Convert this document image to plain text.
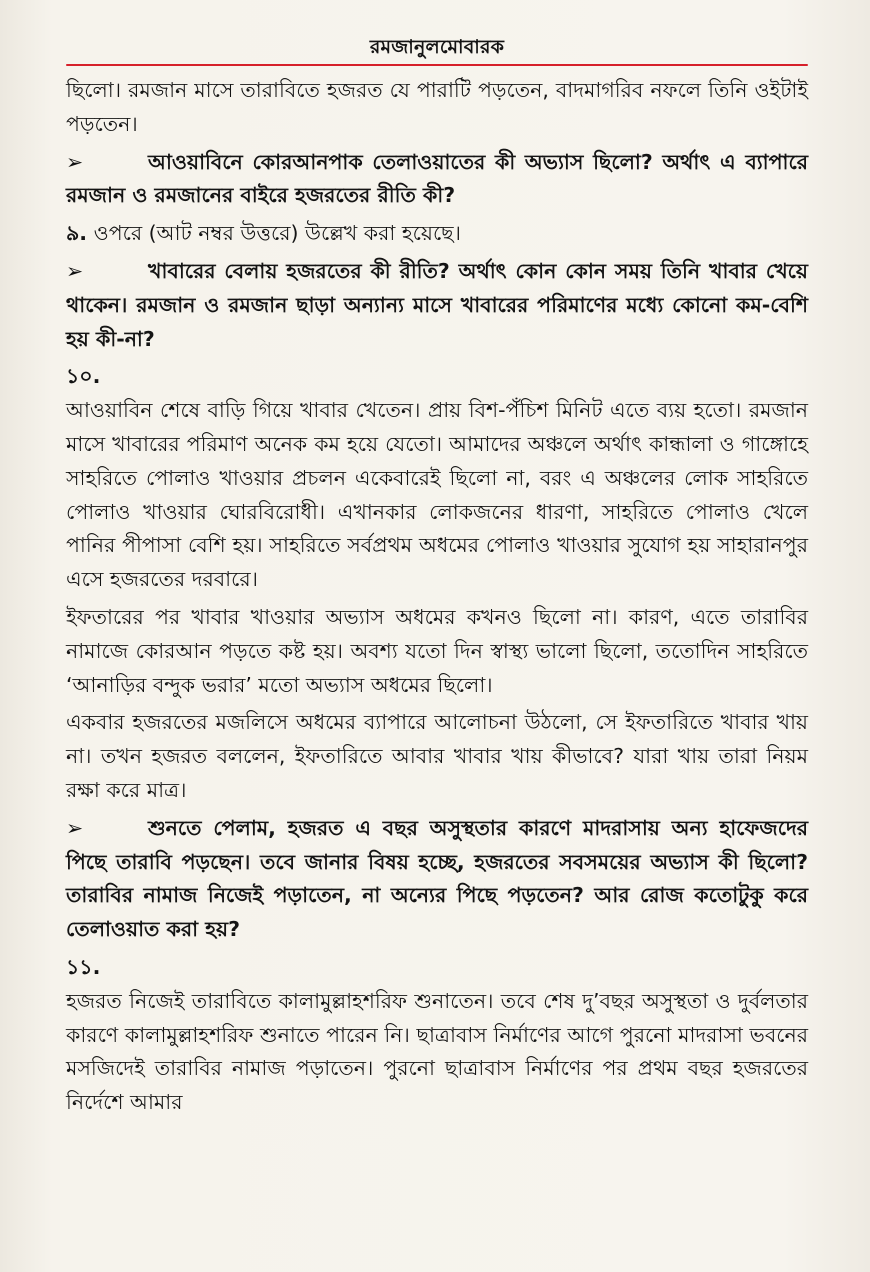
রমজানুলমোবারক

ছিলো। রমজান মাসে তারাবিতে হজরত যে পারাটি পড়তেন, বাদমাগরিব নফলে তিনি ওইটাই পড়তেন।

➢	আওয়াবিনে কোরআনপাক তেলাওয়াতের কী অভ্যাস ছিলো? অর্থাৎ এ ব্যাপারে রমজান ও রমজানের বাইরে হজরতের রীতি কী?

৯. ওপরে (আট নম্বর উত্তরে) উল্লেখ করা হয়েছে।

➢	খাবারের বেলায় হজরতের কী রীতি? অর্থাৎ কোন কোন সময় তিনি খাবার খেয়ে থাকেন। রমজান ও রমজান ছাড়া অন্যান্য মাসে খাবারের পরিমাণের মধ্যে কোনো কম-বেশি হয় কী-না?

১০.

আওয়াবিন শেষে বাড়ি গিয়ে খাবার খেতেন। প্রায় বিশ-পঁচিশ মিনিট এতে ব্যয় হতো। রমজান মাসে খাবারের পরিমাণ অনেক কম হয়ে যেতো। আমাদের অঞ্চলে অর্থাৎ কান্ধালা ও গাঙ্গোহে সাহরিতে পোলাও খাওয়ার প্রচলন একেবারেই ছিলো না, বরং এ অঞ্চলের লোক সাহরিতে পোলাও খাওয়ার ঘোরবিরোধী। এখানকার লোকজনের ধারণা, সাহরিতে পোলাও খেলে পানির পীপাসা বেশি হয়। সাহরিতে সর্বপ্রথম অধমের পোলাও খাওয়ার সুযোগ হয় সাহারানপুর এসে হজরতের দরবারে।

ইফতারের পর খাবার খাওয়ার অভ্যাস অধমের কখনও ছিলো না। কারণ, এতে তারাবির নামাজে কোরআন পড়তে কষ্ট হয়। অবশ্য যতো দিন স্বাস্থ্য ভালো ছিলো, ততোদিন সাহরিতে ‘আনাড়ির বন্দুক ভরার’ মতো অভ্যাস অধমের ছিলো।

একবার হজরতের মজলিসে অধমের ব্যাপারে আলোচনা উঠলো, সে ইফতারিতে খাবার খায় না। তখন হজরত বললেন, ইফতারিতে আবার খাবার খায় কীভাবে? যারা খায় তারা নিয়ম রক্ষা করে মাত্র।

➢	শুনতে পেলাম, হজরত এ বছর অসুস্থতার কারণে মাদরাসায় অন্য হাফেজদের পিছে তারাবি পড়ছেন। তবে জানার বিষয় হচ্ছে, হজরতের সবসময়ের অভ্যাস কী ছিলো? তারাবির নামাজ নিজেই পড়াতেন, না অন্যের পিছে পড়তেন? আর রোজ কতোটুকু করে তেলাওয়াত করা হয়?

১১.

হজরত নিজেই তারাবিতে কালামুল্লাহশরিফ শুনাতেন। তবে শেষ দু’বছর অসুস্থতা ও দুর্বলতার কারণে কালামুল্লাহশরিফ শুনাতে পারেন নি। ছাত্রাবাস নির্মাণের আগে পুরনো মাদরাসা ভবনের মসজিদেই তারাবির নামাজ পড়াতেন। পুরনো ছাত্রাবাস নির্মাণের পর প্রথম বছর হজরতের নির্দেশে আমার
